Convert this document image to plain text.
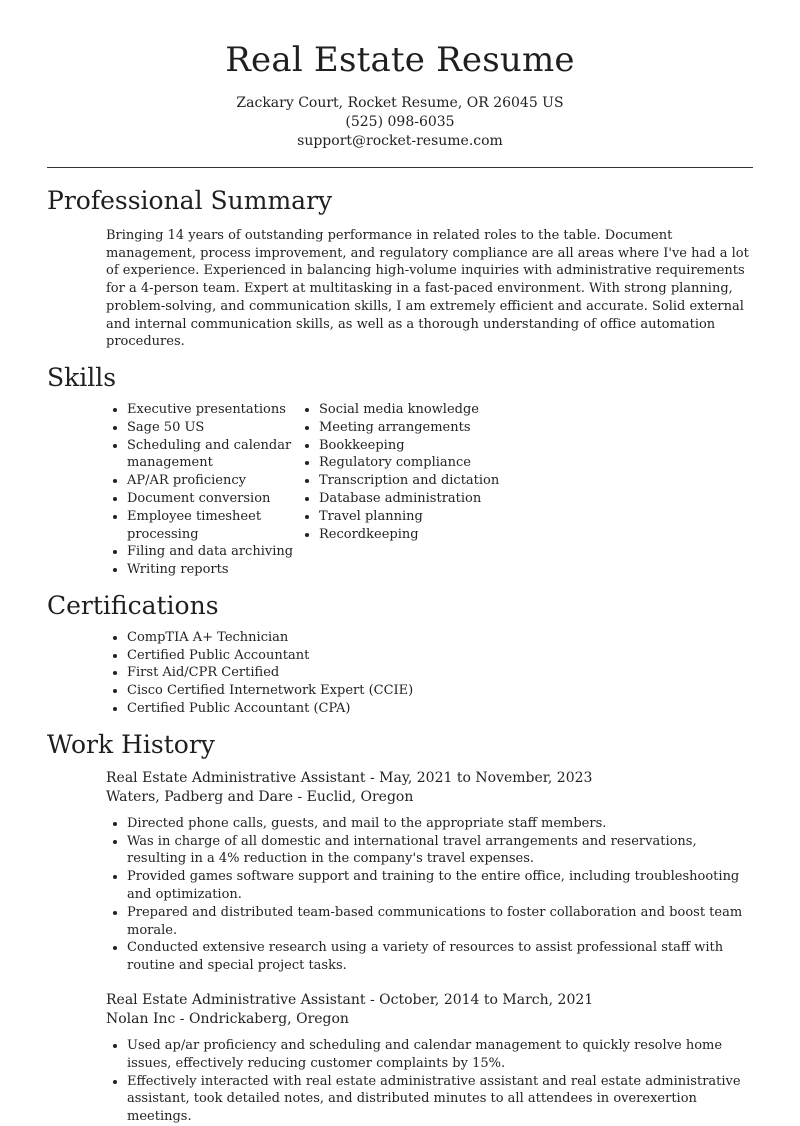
Real Estate Resume

Zackary Court, Rocket Resume, OR 26045 US

(525) 098-6035

support@rocket-resume.com

Professional Summary

Bringing 14 years of outstanding performance in related roles to the table. Document management, process improvement, and regulatory compliance are all areas where I've had a lot of experience. Experienced in balancing high-volume inquiries with administrative requirements for a 4-person team. Expert at multitasking in a fast-paced environment. With strong planning, problem-solving, and communication skills, I am extremely efficient and accurate. Solid external and internal communication skills, as well as a thorough understanding of office automation procedures.

Skills
• Executive presentations
• Sage 50 US
• Scheduling and calendar management
• AP/AR proficiency
• Document conversion
• Employee timesheet processing
• Filing and data archiving
• Writing reports
• Social media knowledge
• Meeting arrangements
• Bookkeeping
• Regulatory compliance
• Transcription and dictation
• Database administration
• Travel planning
• Recordkeeping
Certifications
• CompTIA A+ Technician
• Certified Public Accountant
• First Aid/CPR Certified
• Cisco Certified Internetwork Expert (CCIE)
• Certified Public Accountant (CPA)
Work History
Real Estate Administrative Assistant - May, 2021 to November, 2023
Waters, Padberg and Dare - Euclid, Oregon
• Directed phone calls, guests, and mail to the appropriate staff members.
• Was in charge of all domestic and international travel arrangements and reservations, resulting in a 4% reduction in the company's travel expenses.
• Provided games software support and training to the entire office, including troubleshooting and optimization.
• Prepared and distributed team-based communications to foster collaboration and boost team morale.
• Conducted extensive research using a variety of resources to assist professional staff with routine and special project tasks.
Real Estate Administrative Assistant - October, 2014 to March, 2021
Nolan Inc - Ondrickaberg, Oregon
• Used ap/ar proficiency and scheduling and calendar management to quickly resolve home issues, effectively reducing customer complaints by 15%.
• Effectively interacted with real estate administrative assistant and real estate administrative assistant, took detailed notes, and distributed minutes to all attendees in overexertion meetings.
